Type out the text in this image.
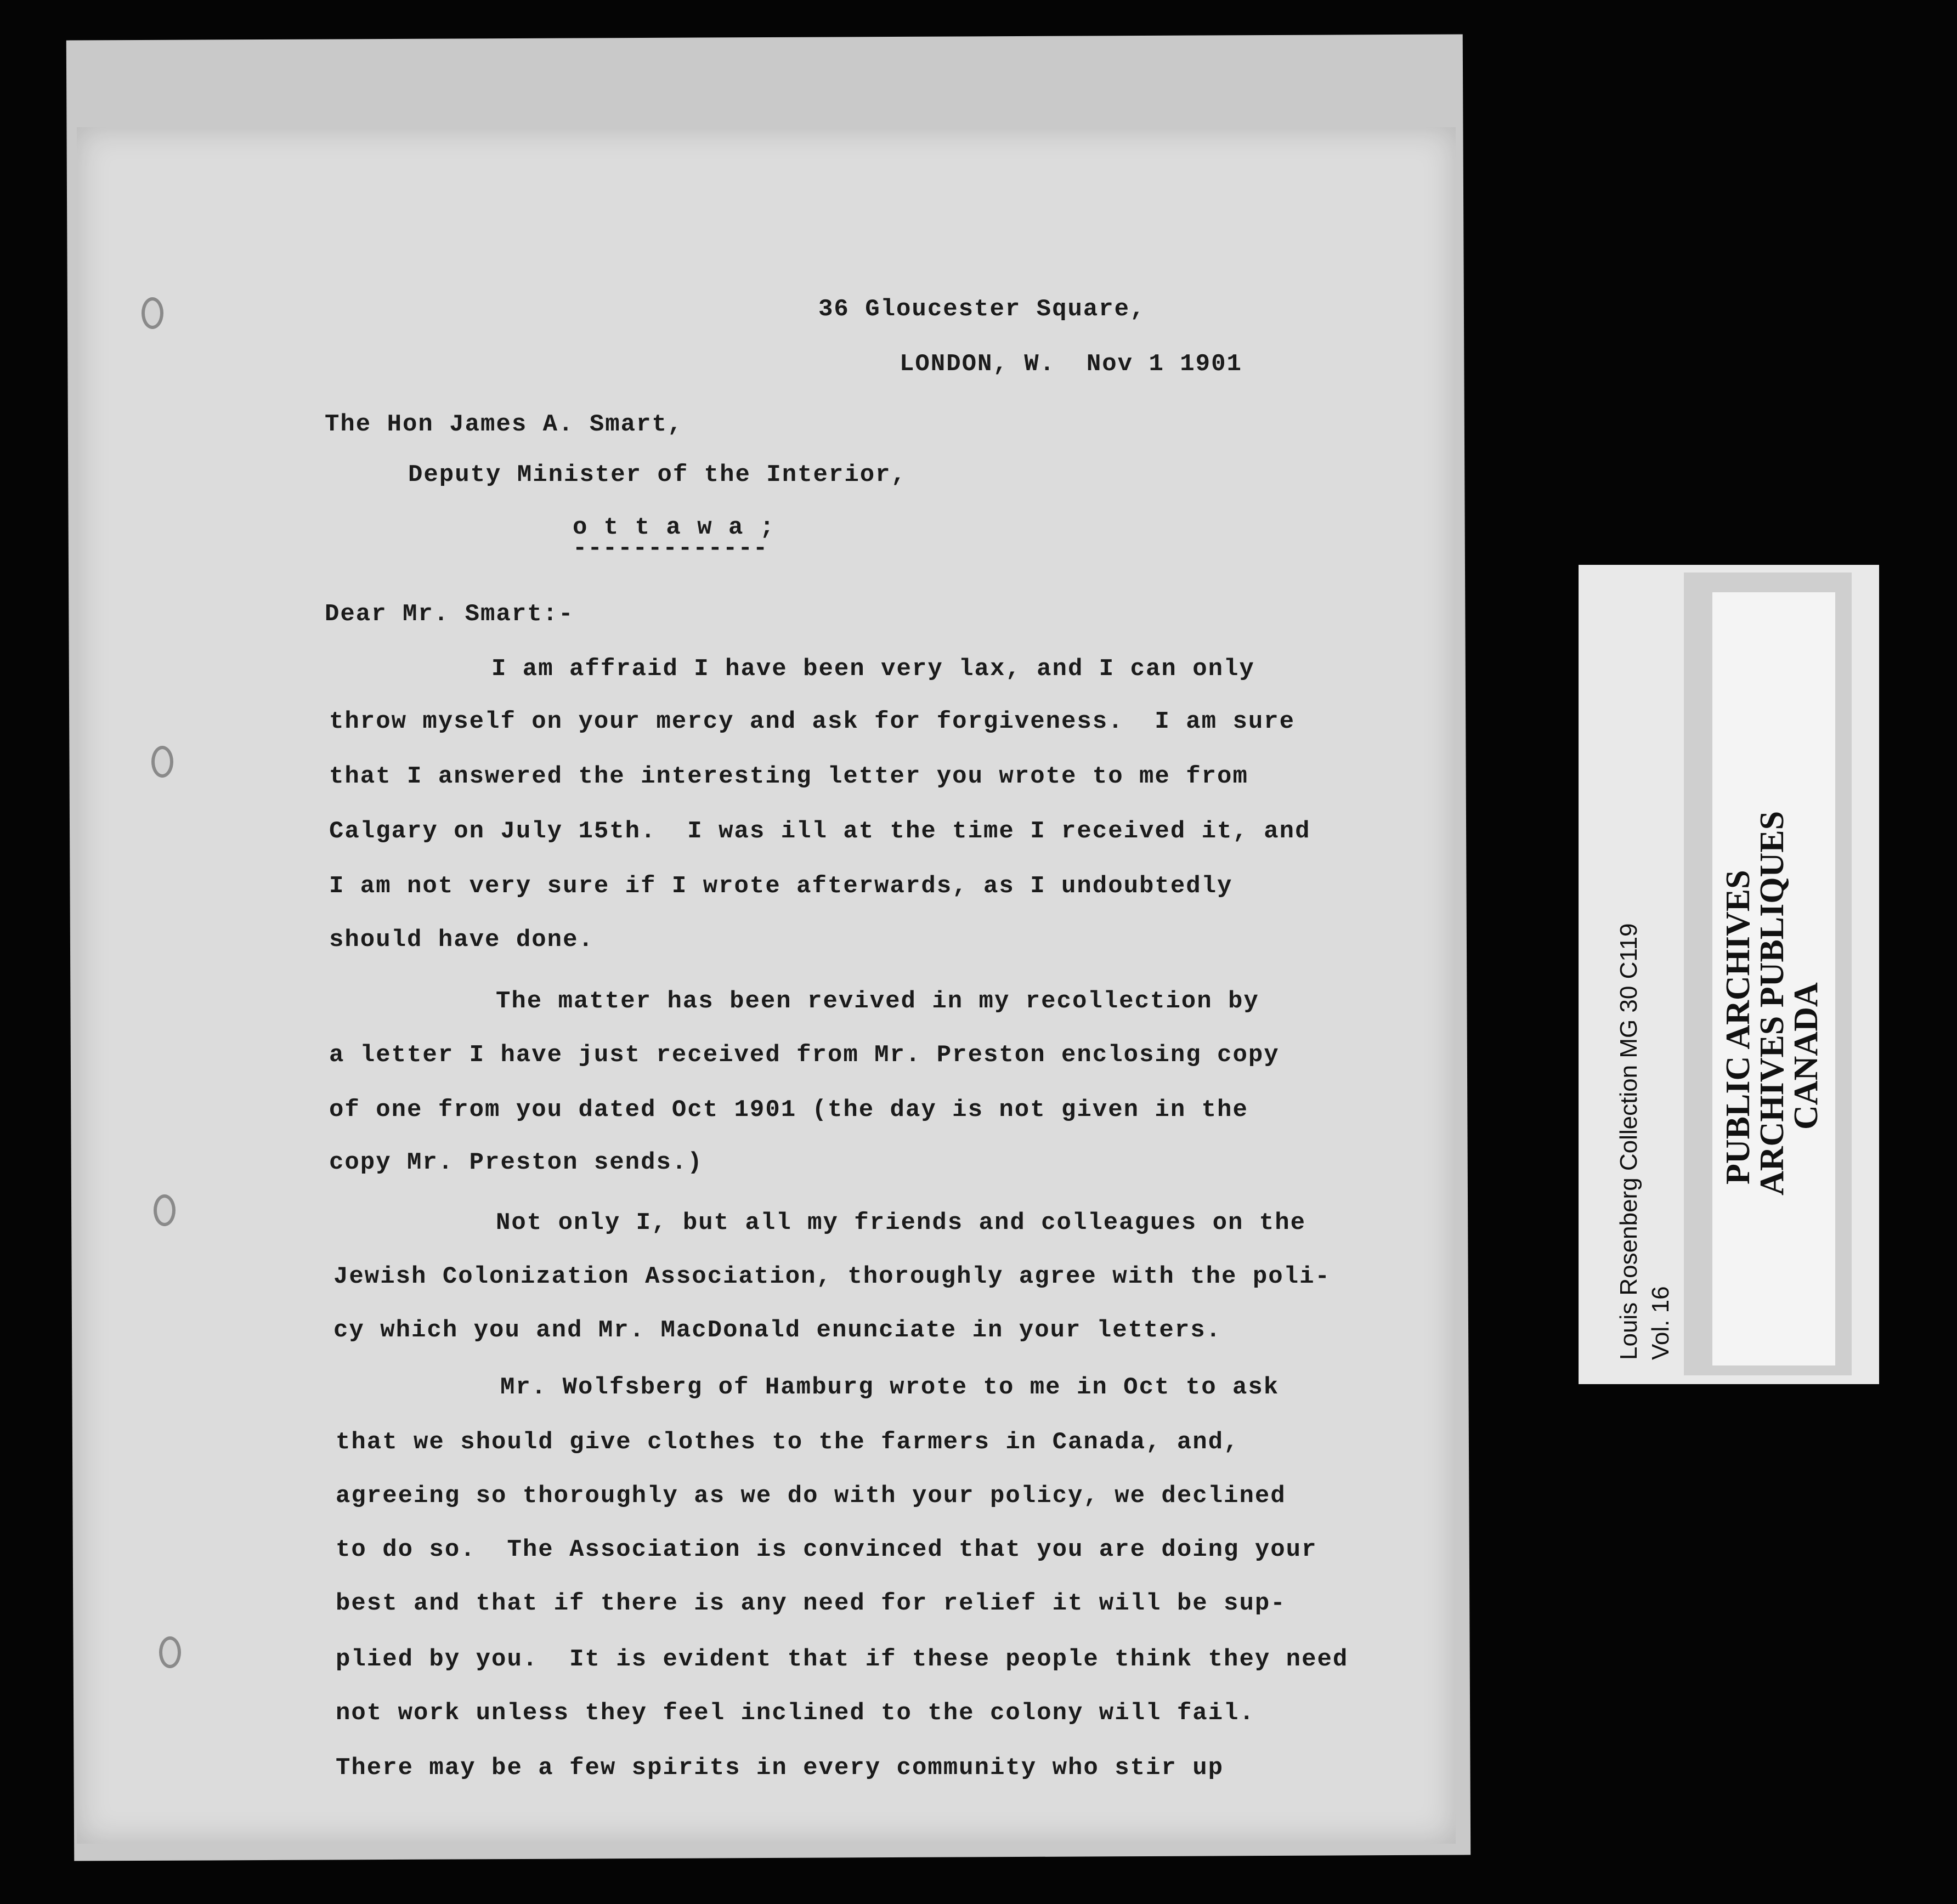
36 Gloucester Square,
LONDON, W.  Nov 1 1901
The Hon James A. Smart,
Deputy Minister of the Interior,
o t t a w a ;
-------------
Dear Mr. Smart:-
I am affraid I have been very lax, and I can only
throw myself on your mercy and ask for forgiveness.  I am sure
that I answered the interesting letter you wrote to me from
Calgary on July 15th.  I was ill at the time I received it, and
I am not very sure if I wrote afterwards, as I undoubtedly
should have done.
The matter has been revived in my recollection by
a letter I have just received from Mr. Preston enclosing copy
of one from you dated Oct 1901 (the day is not given in the
copy Mr. Preston sends.)
Not only I, but all my friends and colleagues on the
Jewish Colonization Association, thoroughly agree with the poli-
cy which you and Mr. MacDonald enunciate in your letters.
Mr. Wolfsberg of Hamburg wrote to me in Oct to ask
that we should give clothes to the farmers in Canada, and,
agreeing so thoroughly as we do with your policy, we declined
to do so.  The Association is convinced that you are doing your
best and that if there is any need for relief it will be sup-
plied by you.  It is evident that if these people think they need
not work unless they feel inclined to the colony will fail.
There may be a few spirits in every community who stir up
Louis Rosenberg Collection MG 30 C119 Vol. 16
PUBLIC ARCHIVES
ARCHIVES PUBLIQUES
CANADA
